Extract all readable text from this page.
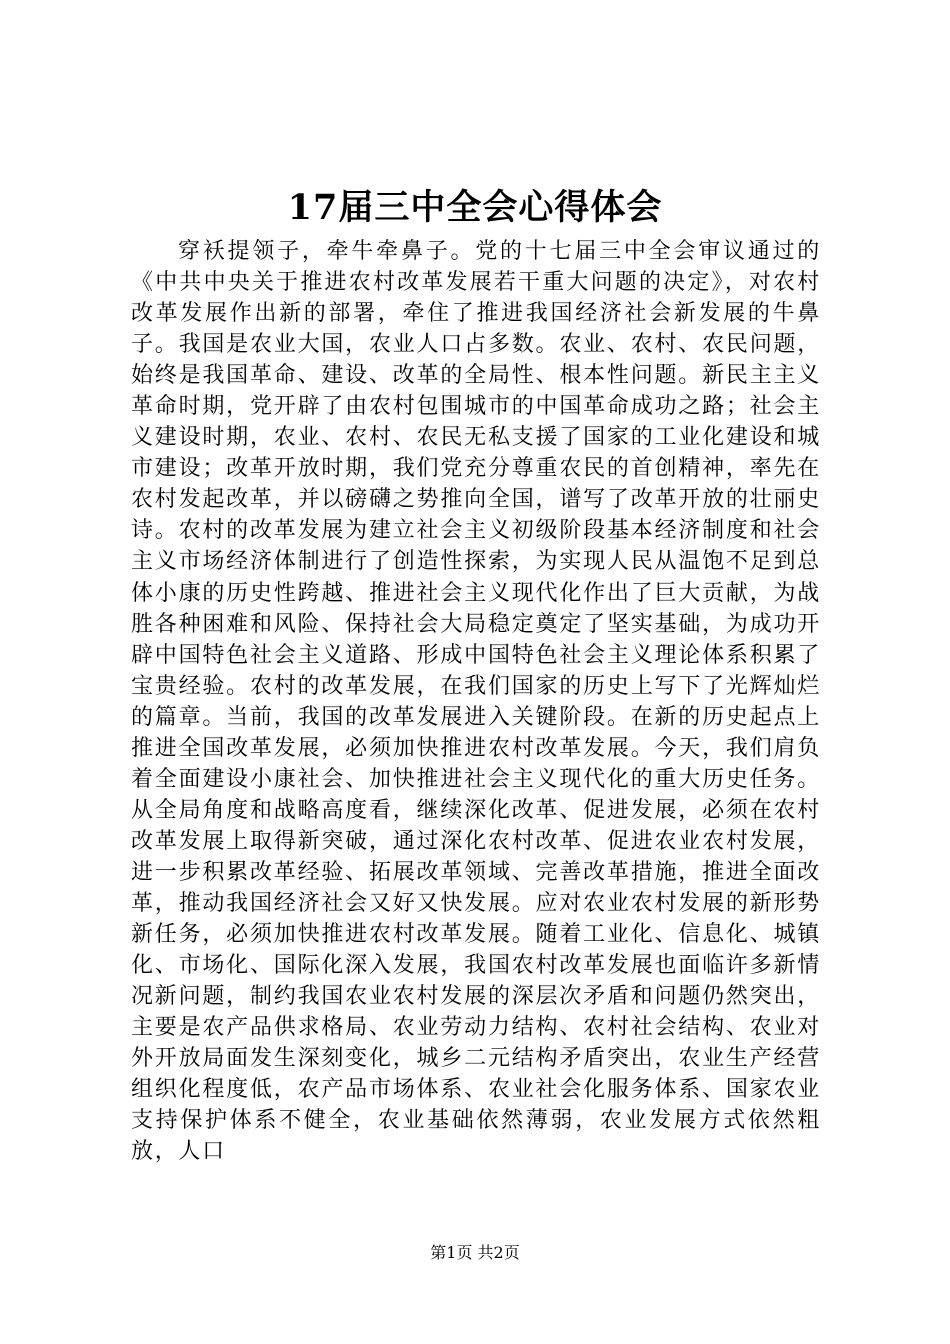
17届三中全会心得体会

穿袄提领子，牵牛牵鼻子。党的十七届三中全会审议通过的《中共中央关于推进农村改革发展若干重大问题的决定》，对农村改革发展作出新的部署，牵住了推进我国经济社会新发展的牛鼻子。我国是农业大国，农业人口占多数。农业、农村、农民问题，始终是我国革命、建设、改革的全局性、根本性问题。新民主主义革命时期，党开辟了由农村包围城市的中国革命成功之路；社会主义建设时期，农业、农村、农民无私支援了国家的工业化建设和城市建设；改革开放时期，我们党充分尊重农民的首创精神，率先在农村发起改革，并以磅礴之势推向全国，谱写了改革开放的壮丽史诗。农村的改革发展为建立社会主义初级阶段基本经济制度和社会主义市场经济体制进行了创造性探索，为实现人民从温饱不足到总体小康的历史性跨越、推进社会主义现代化作出了巨大贡献，为战胜各种困难和风险、保持社会大局稳定奠定了坚实基础，为成功开辟中国特色社会主义道路、形成中国特色社会主义理论体系积累了宝贵经验。农村的改革发展，在我们国家的历史上写下了光辉灿烂的篇章。当前，我国的改革发展进入关键阶段。在新的历史起点上推进全国改革发展，必须加快推进农村改革发展。今天，我们肩负着全面建设小康社会、加快推进社会主义现代化的重大历史任务。从全局角度和战略高度看，继续深化改革、促进发展，必须在农村改革发展上取得新突破，通过深化农村改革、促进农业农村发展，进一步积累改革经验、拓展改革领域、完善改革措施，推进全面改革，推动我国经济社会又好又快发展。应对农业农村发展的新形势新任务，必须加快推进农村改革发展。随着工业化、信息化、城镇化、市场化、国际化深入发展，我国农村改革发展也面临许多新情况新问题，制约我国农业农村发展的深层次矛盾和问题仍然突出，主要是农产品供求格局、农业劳动力结构、农村社会结构、农业对外开放局面发生深刻变化，城乡二元结构矛盾突出，农业生产经营组织化程度低，农产品市场体系、农业社会化服务体系、国家农业支持保护体系不健全，农业基础依然薄弱，农业发展方式依然粗放，人口

第1页 共2页
